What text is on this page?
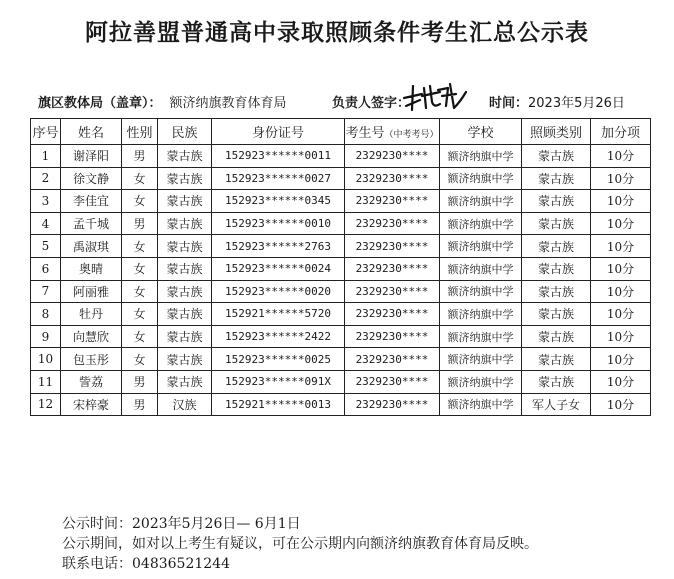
阿拉善盟普通高中录取照顾条件考生汇总公示表
旗区教体局（盖章）： 额济纳旗教育体育局	负责人签字：	时间：2023年5月26日
序号	姓名	性别	民族	身份证号	考生号（中考考号）	学校	照顾类别	加分项
1	谢泽阳	男	蒙古族	152923******0011	2329230****	额济纳旗中学	蒙古族	10分
2	徐文静	女	蒙古族	152923******0027	2329230****	额济纳旗中学	蒙古族	10分
3	李佳宜	女	蒙古族	152923******0345	2329230****	额济纳旗中学	蒙古族	10分
4	孟千城	男	蒙古族	152923******0010	2329230****	额济纳旗中学	蒙古族	10分
5	禹淑琪	女	蒙古族	152923******2763	2329230****	额济纳旗中学	蒙古族	10分
6	奥晴	女	蒙古族	152923******0024	2329230****	额济纳旗中学	蒙古族	10分
7	阿丽雅	女	蒙古族	152923******0020	2329230****	额济纳旗中学	蒙古族	10分
8	牡丹	女	蒙古族	152921******5720	2329230****	额济纳旗中学	蒙古族	10分
9	向慧欣	女	蒙古族	152923******2422	2329230****	额济纳旗中学	蒙古族	10分
10	包玉彤	女	蒙古族	152923******0025	2329230****	额济纳旗中学	蒙古族	10分
11	訾荔	男	蒙古族	152923******091X	2329230****	额济纳旗中学	蒙古族	10分
12	宋梓豪	男	汉族	152921******0013	2329230****	额济纳旗中学	军人子女	10分
公示时间：2023年5月26日— 6月1日
公示期间，如对以上考生有疑议，可在公示期内向额济纳旗教育体育局反映。
联系电话：04836521244
